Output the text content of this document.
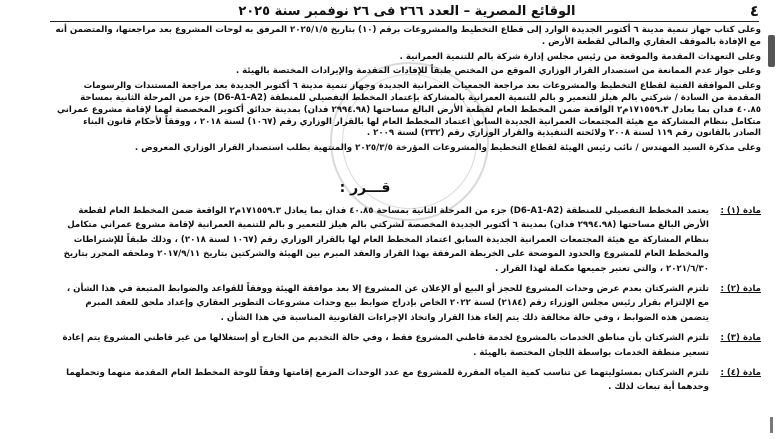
٤
الوقائع المصرية – العدد ٢٦٦ فى ٢٦ نوفمبر سنة ٢٠٢٥

وعلى كتاب جهاز تنمية مدينة ٦ أكتوبر الجديدة الوارد إلى قطاع التخطيط والمشروعات برقم (١٠) بتاريخ ٢٠٢٥/١/٥ المرفق به لوحات المشروع بعد مراجعتها، والمتضمن أنه مع الإفادة بالموقف العقاري والمالي لقطعة الأرض .

وعلى التعهدات المقدمة والموقعة من رئيس مجلس إدارة شركة بالم للتنمية العمرانية .

وعلى جواز عدم الممانعة من استصدار القرار الوزاري الموقع من المختص طبقاً للإفادات المقدمة والإيرادات المختصة بالهيئة .

وعلى الموافقة الفنية لقطاع التخطيط والمشروعات بعد مراجعة الجمعيات العمرانية الجديدة وجهاز تنمية مدينة ٦ أكتوبر الجديدة بعد مراجعة المستندات والرسومات المقدمة من السادة / شركتي بالم هيلز للتعمير و بالم للتنمية العمرانية بالمشاركة بإعتماد المخطط التفصيلي للمنطقة (D6-A1-A2) جزء من المرحلة الثانية بمساحة ٤٠.٨٥ فدان بما يعادل ١٧١٥٥٩.٣م٢ الواقعة ضمن المخطط العام لقطعة الأرض البالغ مساحتها (٢٩٩٤.٩٨ فدان) بمدينة حدائق أكتوبر المخصصة لهما لإقامة مشروع عمراني متكامل بنظام المشاركة مع هيئة المجتمعات العمرانية الجديدة السابق اعتماد المخطط العام لها بالقرار الوزاري رقم (١٠٦٧) لسنة ٢٠١٨ ، ووفقاً لأحكام قانون البناء الصادر بالقانون رقم ١١٩ لسنة ٢٠٠٨ ولائحته التنفيذية والقرار الوزاري رقم (٢٣٢) لسنة ٢٠٠٩ .

وعلى مذكرة السيد المهندس / نائب رئيس الهيئة لقطاع التخطيط والمشروعات المؤرخة ٢٠٢٥/٣/٥ والمنتهية بطلب استصدار القرار الوزاري المعروض .

قـــرر :
مادة (١) :
يعتمد المخطط التفصيلي للمنطقة (D6-A1-A2) جزء من المرحلة الثانية بمساحة ٤٠.٨٥ فدان بما يعادل ١٧١٥٥٩.٣م٢ الواقعة ضمن المخطط العام لقطعة الأرض البالغ مساحتها (٢٩٩٤.٩٨ فدان) بمدينة ٦ أكتوبر الجديدة المخصصة لشركتي بالم هيلز للتعمير و بالم للتنمية العمرانية لإقامة مشروع عمراني متكامل بنظام المشاركة مع هيئة المجتمعات العمرانية الجديدة السابق اعتماد المخطط العام لها بالقرار الوزاري رقم (١٠٦٧ لسنة ٢٠١٨) ، وذلك طبقاً للإشتراطات والمخطط العام للمشروع والحدود الموضحة على الخريطة المرفقة بهذا القرار والعقد المبرم بين الهيئة والشركتين بتاريخ ٢٠١٧/٩/١١ وملحقه المحرر بتاريخ ٢٠٢١/٦/٣٠ ، والتي تعتبر جميعها مكملة لهذا القرار .
مادة (٢) :
تلتزم الشركتان بعدم عرض وحدات المشروع للحجز أو البيع أو الإعلان عن المشروع إلا بعد موافقة الهيئة ووفقاً للقواعد والضوابط المتبعة في هذا الشأن ، مع الإلتزام بقرار رئيس مجلس الوزراء رقم (٢١٨٤) لسنة ٢٠٢٢ الخاص بإدراج ضوابط بيع وحدات مشروعات التطوير العقاري وإعداد ملحق للعقد المبرم يتضمن هذه الضوابط ، وفي حالة مخالفة ذلك يتم إلغاء هذا القرار واتخاذ الإجراءات القانونية المناسبة في هذا الشأن .
مادة (٣) :
تلتزم الشركتان بأن مناطق الخدمات بالمشروع لخدمة قاطني المشروع فقط ، وفي حالة التخديم من الخارج أو إستغلالها من غير قاطني المشروع يتم إعادة تسعير منطقة الخدمات بواسطة اللجان المختصة بالهيئة .
مادة (٤) :
تلتزم الشركتان بمسئوليتهما عن تناسب كمية المياه المقررة للمشروع مع عدد الوحدات المزمع إقامتها وفقاً للوحة المخطط العام المقدمة منهما وتحملهما وحدهما أية تبعات لذلك .
